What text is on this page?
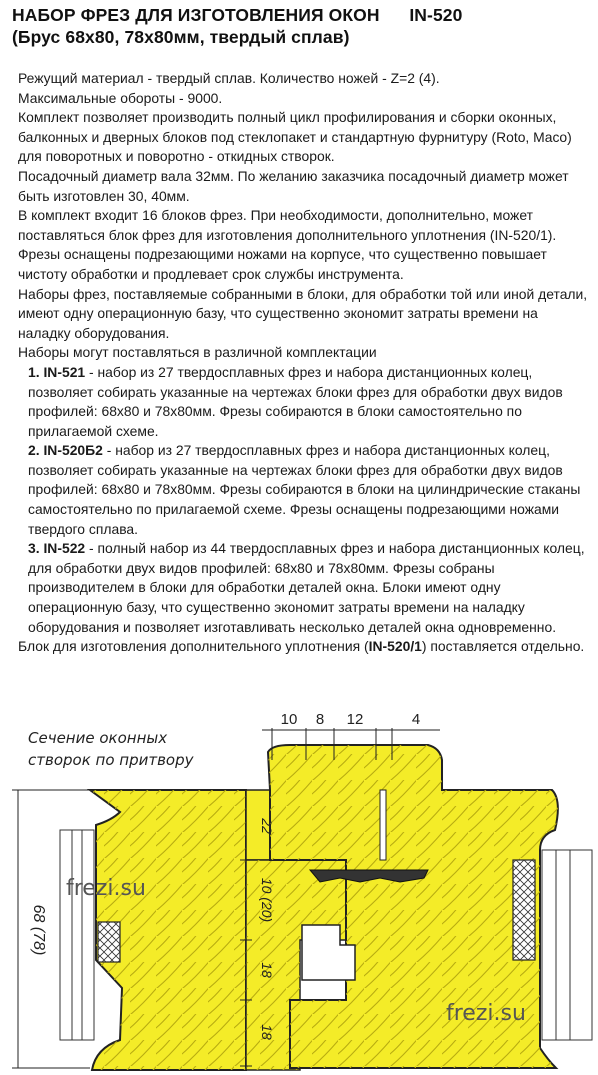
НАБОР ФРЕЗ ДЛЯ ИЗГОТОВЛЕНИЯ ОКОН      IN-520
(Брус 68х80, 78х80мм, твердый сплав)

Режущий материал - твердый сплав. Количество ножей - Z=2 (4).

Максимальные обороты - 9000.

Комплект позволяет производить полный цикл профилирования и сборки оконных, балконных и дверных блоков под стеклопакет и стандартную фурнитуру (Roto, Maco) для поворотных и поворотно - откидных створок.

Посадочный диаметр вала 32мм. По желанию заказчика посадочный диаметр может быть изготовлен 30, 40мм.

В комплект входит 16 блоков фрез. При необходимости, дополнительно, может поставляться блок фрез для изготовления дополнительного уплотнения (IN-520/1).

Фрезы оснащены подрезающими ножами на корпусе, что существенно повышает чистоту обработки и продлевает срок службы инструмента.

Наборы фрез, поставляемые собранными в блоки, для обработки той или иной детали, имеют одну операционную базу, что существенно экономит затраты времени на наладку оборудования.

Наборы могут поставляться в различной комплектации

1. IN-521 - набор из 27 твердосплавных фрез и набора дистанционных колец, позволяет собирать указанные на чертежах блоки фрез для обработки двух видов профилей: 68х80 и 78х80мм. Фрезы собираются в блоки самостоятельно по прилагаемой схеме.

2. IN-520Б2 - набор из 27 твердосплавных фрез и набора дистанционных колец, позволяет собирать указанные на чертежах блоки фрез для обработки двух видов профилей: 68х80 и 78х80мм. Фрезы собираются в блоки на цилиндрические стаканы самостоятельно по прилагаемой схеме. Фрезы оснащены подрезающими ножами твердого сплава.

3. IN-522 - полный набор из 44 твердосплавных фрез и набора дистанционных колец, для обработки двух видов профилей: 68х80 и 78х80мм. Фрезы собраны производителем в блоки для обработки деталей окна. Блоки имеют одну операционную базу, что существенно экономит затраты времени на наладку оборудования и позволяет изготавливать несколько деталей окна одновременно.

Блок для изготовления дополнительного уплотнения (IN-520/1) поставляется отдельно.

10 8 12	4
22
10 (20)
18
18
68 (78)
Сечение оконных
створок по притвору
frezi.su
frezi.su
